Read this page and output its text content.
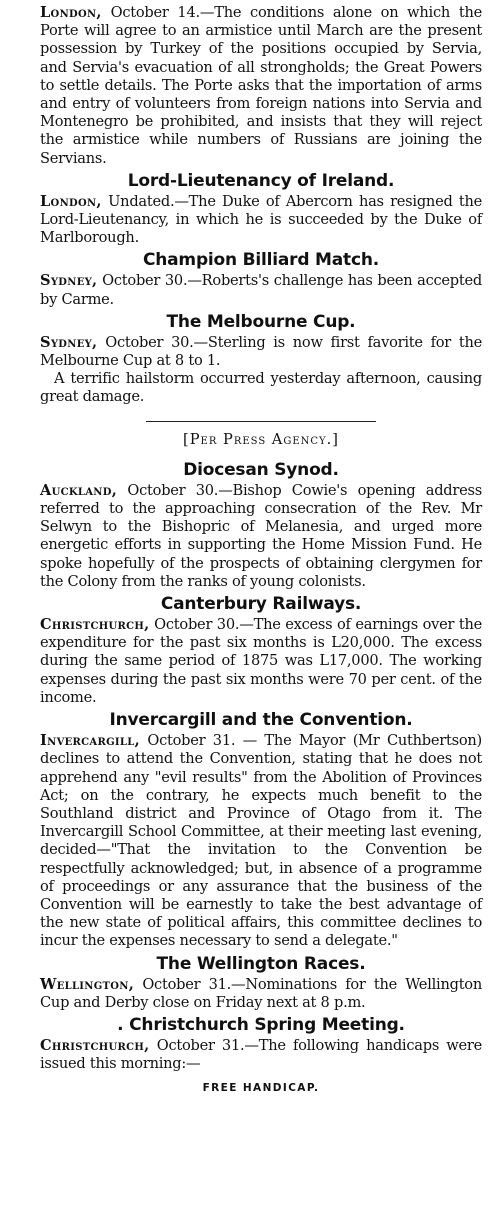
London, October 14.—The conditions alone on which the Porte will agree to an armistice until March are the present possession by Turkey of the positions occupied by Servia, and Servia's evacuation of all strongholds; the Great Powers to settle details. The Porte asks that the importation of arms and entry of volunteers from foreign nations into Servia and Montenegro be prohibited, and insists that they will reject the armistice while numbers of Russians are joining the Servians.

Lord-Lieutenancy of Ireland.

London, Undated.—The Duke of Abercorn has resigned the Lord-Lieutenancy, in which he is succeeded by the Duke of Marlborough.

Champion Billiard Match.

Sydney, October 30.—Roberts's challenge has been accepted by Carme.

The Melbourne Cup.

Sydney, October 30.—Sterling is now first favorite for the Melbourne Cup at 8 to 1.

A terrific hailstorm occurred yesterday afternoon, causing great damage.

[Per Press Agency.]
Diocesan Synod.

Auckland, October 30.—Bishop Cowie's opening address referred to the approaching consecration of the Rev. Mr Selwyn to the Bishopric of Melanesia, and urged more energetic efforts in supporting the Home Mission Fund. He spoke hopefully of the prospects of obtaining clergymen for the Colony from the ranks of young colonists.

Canterbury Railways.

Christchurch, October 30.—The excess of earnings over the expenditure for the past six months is L20,000. The excess during the same period of 1875 was L17,000. The working expenses during the past six months were 70 per cent. of the income.

Invercargill and the Convention.

Invercargill, October 31. — The Mayor (Mr Cuthbertson) declines to attend the Convention, stating that he does not apprehend any "evil results" from the Abolition of Provinces Act; on the contrary, he expects much benefit to the Southland district and Province of Otago from it. The Invercargill School Committee, at their meeting last evening, decided—"That the invitation to the Convention be respectfully acknowledged; but, in absence of a programme of proceedings or any assurance that the business of the Convention will be earnestly to take the best advantage of the new state of political affairs, this committee declines to incur the expenses necessary to send a delegate."

The Wellington Races.

Wellington, October 31.—Nominations for the Wellington Cup and Derby close on Friday next at 8 p.m.

. Christchurch Spring Meeting.

Christchurch, October 31.—The following handicaps were issued this morning:—

FREE HANDICAP.
